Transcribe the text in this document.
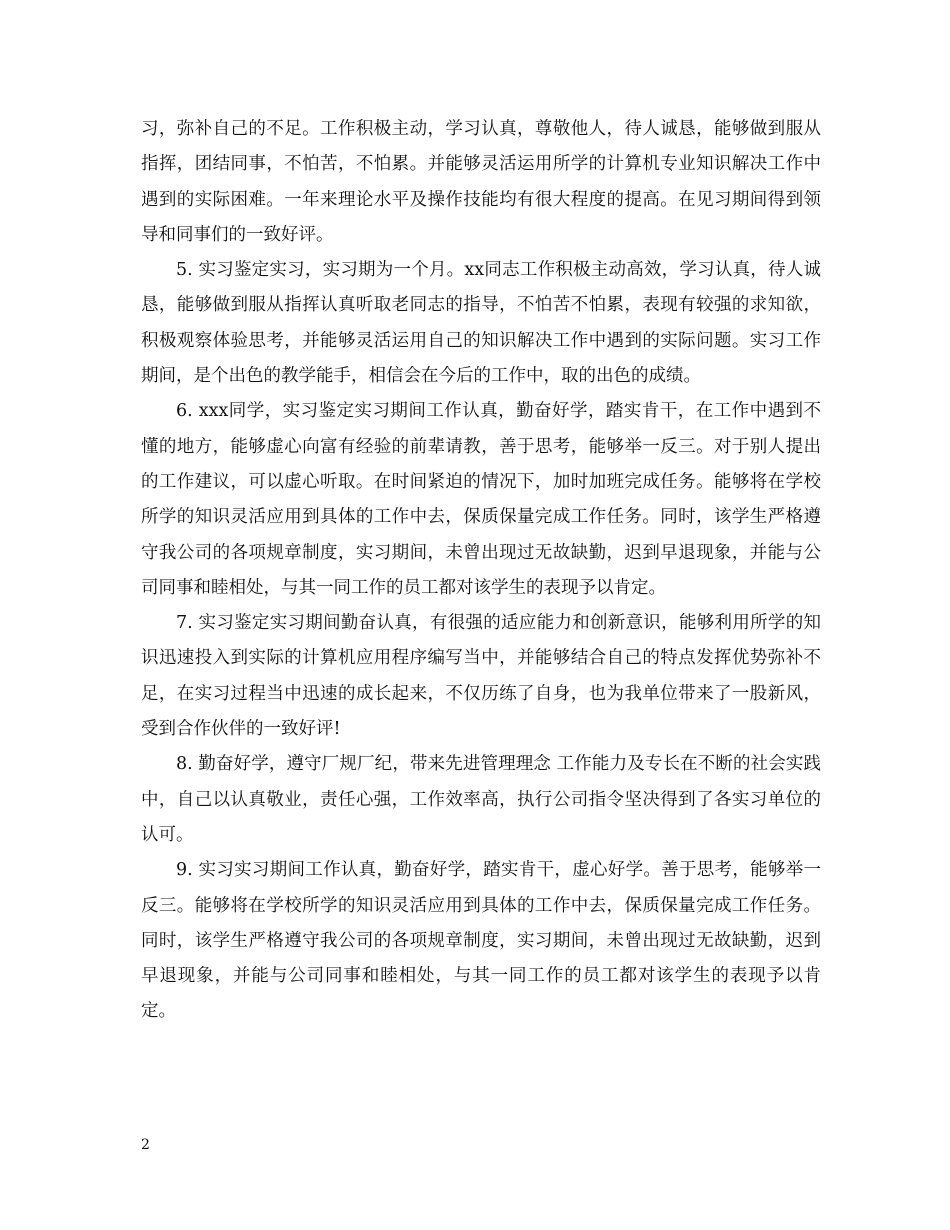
习，弥补自己的不足。工作积极主动，学习认真，尊敬他人，待人诚恳，能够做到服从指挥，团结同事，不怕苦，不怕累。并能够灵活运用所学的计算机专业知识解决工作中遇到的实际困难。一年来理论水平及操作技能均有很大程度的提高。在见习期间得到领导和同事们的一致好评。

5. 实习鉴定实习，实习期为一个月。xx同志工作积极主动高效，学习认真，待人诚恳，能够做到服从指挥认真听取老同志的指导，不怕苦不怕累，表现有较强的求知欲，积极观察体验思考，并能够灵活运用自己的知识解决工作中遇到的实际问题。实习工作期间，是个出色的教学能手，相信会在今后的工作中，取的出色的成绩。

6. xxx同学，实习鉴定实习期间工作认真，勤奋好学，踏实肯干，在工作中遇到不懂的地方，能够虚心向富有经验的前辈请教，善于思考，能够举一反三。对于别人提出的工作建议，可以虚心听取。在时间紧迫的情况下，加时加班完成任务。能够将在学校所学的知识灵活应用到具体的工作中去，保质保量完成工作任务。同时，该学生严格遵守我公司的各项规章制度，实习期间，未曾出现过无故缺勤，迟到早退现象，并能与公司同事和睦相处，与其一同工作的员工都对该学生的表现予以肯定。

7. 实习鉴定实习期间勤奋认真，有很强的适应能力和创新意识，能够利用所学的知识迅速投入到实际的计算机应用程序编写当中，并能够结合自己的特点发挥优势弥补不足，在实习过程当中迅速的成长起来，不仅历练了自身，也为我单位带来了一股新风，受到合作伙伴的一致好评!

8. 勤奋好学，遵守厂规厂纪，带来先进管理理念 工作能力及专长在不断的社会实践中，自己以认真敬业，责任心强，工作效率高，执行公司指令坚决得到了各实习单位的认可。

9. 实习实习期间工作认真，勤奋好学，踏实肯干，虚心好学。善于思考，能够举一反三。能够将在学校所学的知识灵活应用到具体的工作中去，保质保量完成工作任务。同时，该学生严格遵守我公司的各项规章制度，实习期间，未曾出现过无故缺勤，迟到早退现象，并能与公司同事和睦相处，与其一同工作的员工都对该学生的表现予以肯定。

2
